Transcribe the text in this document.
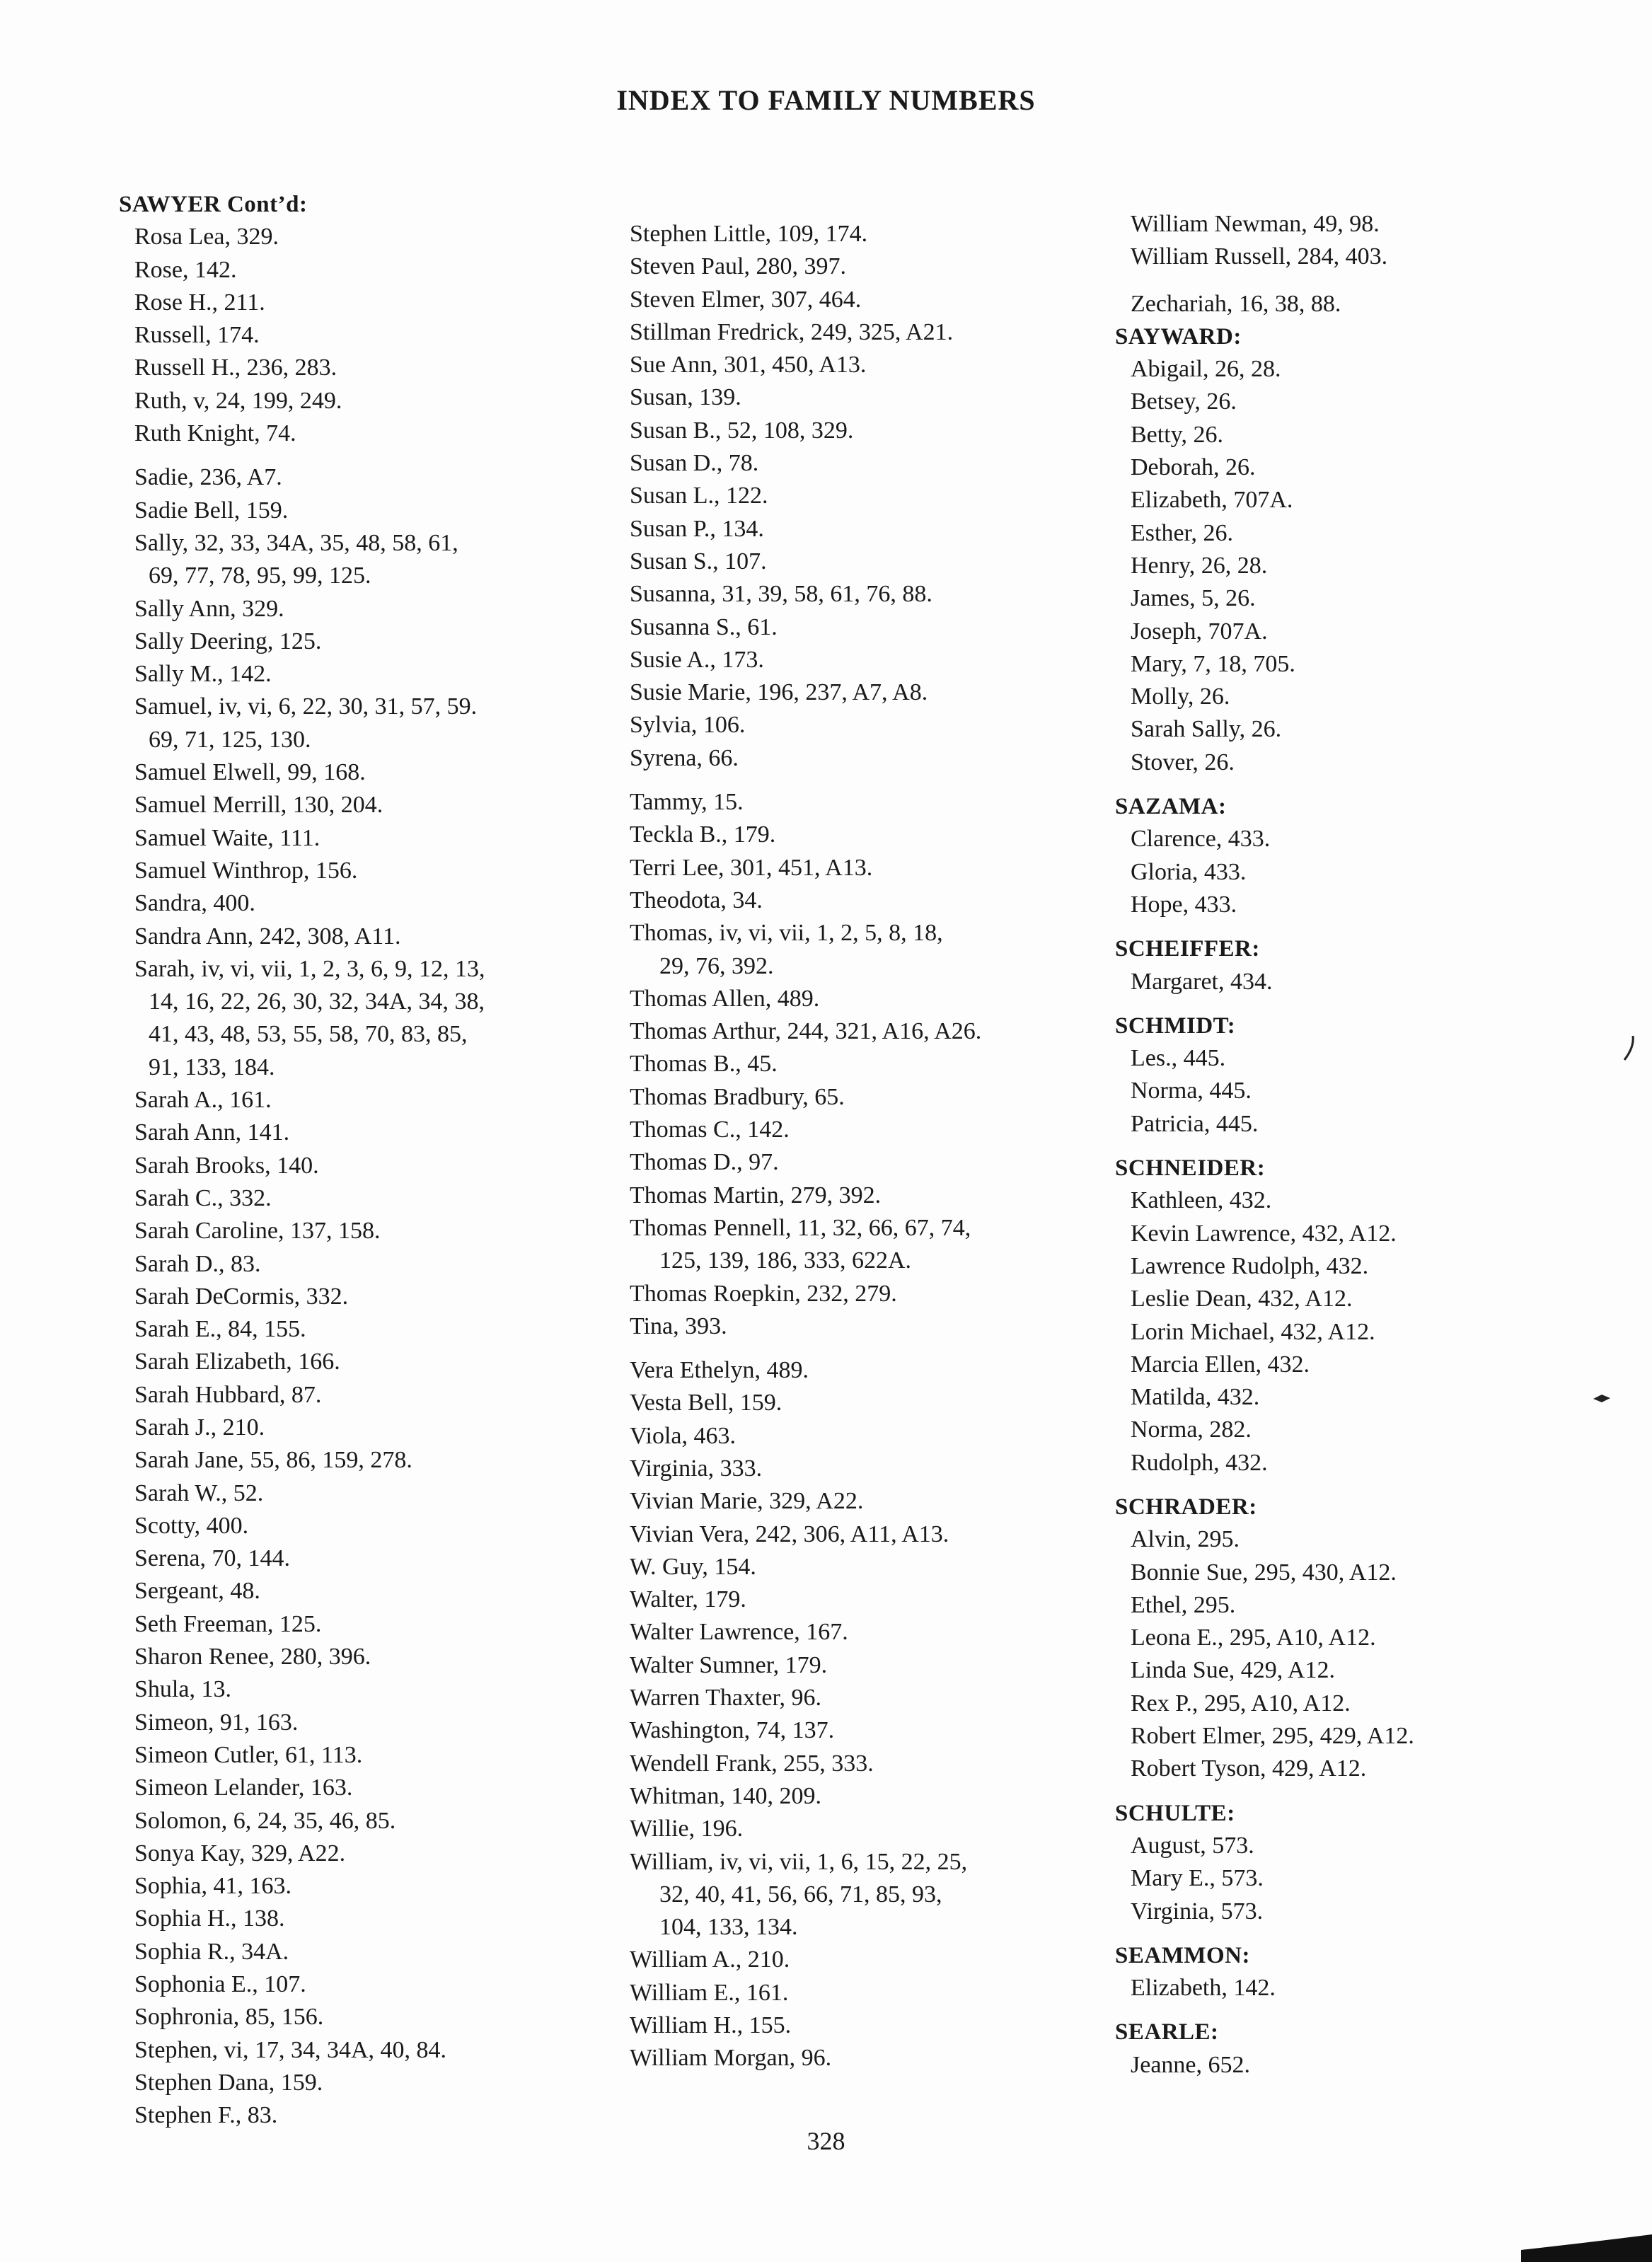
INDEX TO FAMILY NUMBERS
SAWYER Cont’d:
Rosa Lea, 329.
Rose, 142.
Rose H., 211.
Russell, 174.
Russell H., 236, 283.
Ruth, v, 24, 199, 249.
Ruth Knight, 74.
Sadie, 236, A7.
Sadie Bell, 159.
Sally, 32, 33, 34A, 35, 48, 58, 61,
69, 77, 78, 95, 99, 125.
Sally Ann, 329.
Sally Deering, 125.
Sally M., 142.
Samuel, iv, vi, 6, 22, 30, 31, 57, 59.
69, 71, 125, 130.
Samuel Elwell, 99, 168.
Samuel Merrill, 130, 204.
Samuel Waite, 111.
Samuel Winthrop, 156.
Sandra, 400.
Sandra Ann, 242, 308, A11.
Sarah, iv, vi, vii, 1, 2, 3, 6, 9, 12, 13,
14, 16, 22, 26, 30, 32, 34A, 34, 38,
41, 43, 48, 53, 55, 58, 70, 83, 85,
91, 133, 184.
Sarah A., 161.
Sarah Ann, 141.
Sarah Brooks, 140.
Sarah C., 332.
Sarah Caroline, 137, 158.
Sarah D., 83.
Sarah DeCormis, 332.
Sarah E., 84, 155.
Sarah Elizabeth, 166.
Sarah Hubbard, 87.
Sarah J., 210.
Sarah Jane, 55, 86, 159, 278.
Sarah W., 52.
Scotty, 400.
Serena, 70, 144.
Sergeant, 48.
Seth Freeman, 125.
Sharon Renee, 280, 396.
Shula, 13.
Simeon, 91, 163.
Simeon Cutler, 61, 113.
Simeon Lelander, 163.
Solomon, 6, 24, 35, 46, 85.
Sonya Kay, 329, A22.
Sophia, 41, 163.
Sophia H., 138.
Sophia R., 34A.
Sophonia E., 107.
Sophronia, 85, 156.
Stephen, vi, 17, 34, 34A, 40, 84.
Stephen Dana, 159.
Stephen F., 83.
Stephen Little, 109, 174.
Steven Paul, 280, 397.
Steven Elmer, 307, 464.
Stillman Fredrick, 249, 325, A21.
Sue Ann, 301, 450, A13.
Susan, 139.
Susan B., 52, 108, 329.
Susan D., 78.
Susan L., 122.
Susan P., 134.
Susan S., 107.
Susanna, 31, 39, 58, 61, 76, 88.
Susanna S., 61.
Susie A., 173.
Susie Marie, 196, 237, A7, A8.
Sylvia, 106.
Syrena, 66.
Tammy, 15.
Teckla B., 179.
Terri Lee, 301, 451, A13.
Theodota, 34.
Thomas, iv, vi, vii, 1, 2, 5, 8, 18,
29, 76, 392.
Thomas Allen, 489.
Thomas Arthur, 244, 321, A16, A26.
Thomas B., 45.
Thomas Bradbury, 65.
Thomas C., 142.
Thomas D., 97.
Thomas Martin, 279, 392.
Thomas Pennell, 11, 32, 66, 67, 74,
125, 139, 186, 333, 622A.
Thomas Roepkin, 232, 279.
Tina, 393.
Vera Ethelyn, 489.
Vesta Bell, 159.
Viola, 463.
Virginia, 333.
Vivian Marie, 329, A22.
Vivian Vera, 242, 306, A11, A13.
W. Guy, 154.
Walter, 179.
Walter Lawrence, 167.
Walter Sumner, 179.
Warren Thaxter, 96.
Washington, 74, 137.
Wendell Frank, 255, 333.
Whitman, 140, 209.
Willie, 196.
William, iv, vi, vii, 1, 6, 15, 22, 25,
32, 40, 41, 56, 66, 71, 85, 93,
104, 133, 134.
William A., 210.
William E., 161.
William H., 155.
William Morgan, 96.
William Newman, 49, 98.
William Russell, 284, 403.
Zechariah, 16, 38, 88.
SAYWARD:
Abigail, 26, 28.
Betsey, 26.
Betty, 26.
Deborah, 26.
Elizabeth, 707A.
Esther, 26.
Henry, 26, 28.
James, 5, 26.
Joseph, 707A.
Mary, 7, 18, 705.
Molly, 26.
Sarah Sally, 26.
Stover, 26.
SAZAMA:
Clarence, 433.
Gloria, 433.
Hope, 433.
SCHEIFFER:
Margaret, 434.
SCHMIDT:
Les., 445.
Norma, 445.
Patricia, 445.
SCHNEIDER:
Kathleen, 432.
Kevin Lawrence, 432, A12.
Lawrence Rudolph, 432.
Leslie Dean, 432, A12.
Lorin Michael, 432, A12.
Marcia Ellen, 432.
Matilda, 432.
Norma, 282.
Rudolph, 432.
SCHRADER:
Alvin, 295.
Bonnie Sue, 295, 430, A12.
Ethel, 295.
Leona E., 295, A10, A12.
Linda Sue, 429, A12.
Rex P., 295, A10, A12.
Robert Elmer, 295, 429, A12.
Robert Tyson, 429, A12.
SCHULTE:
August, 573.
Mary E., 573.
Virginia, 573.
SEAMMON:
Elizabeth, 142.
SEARLE:
Jeanne, 652.
328
